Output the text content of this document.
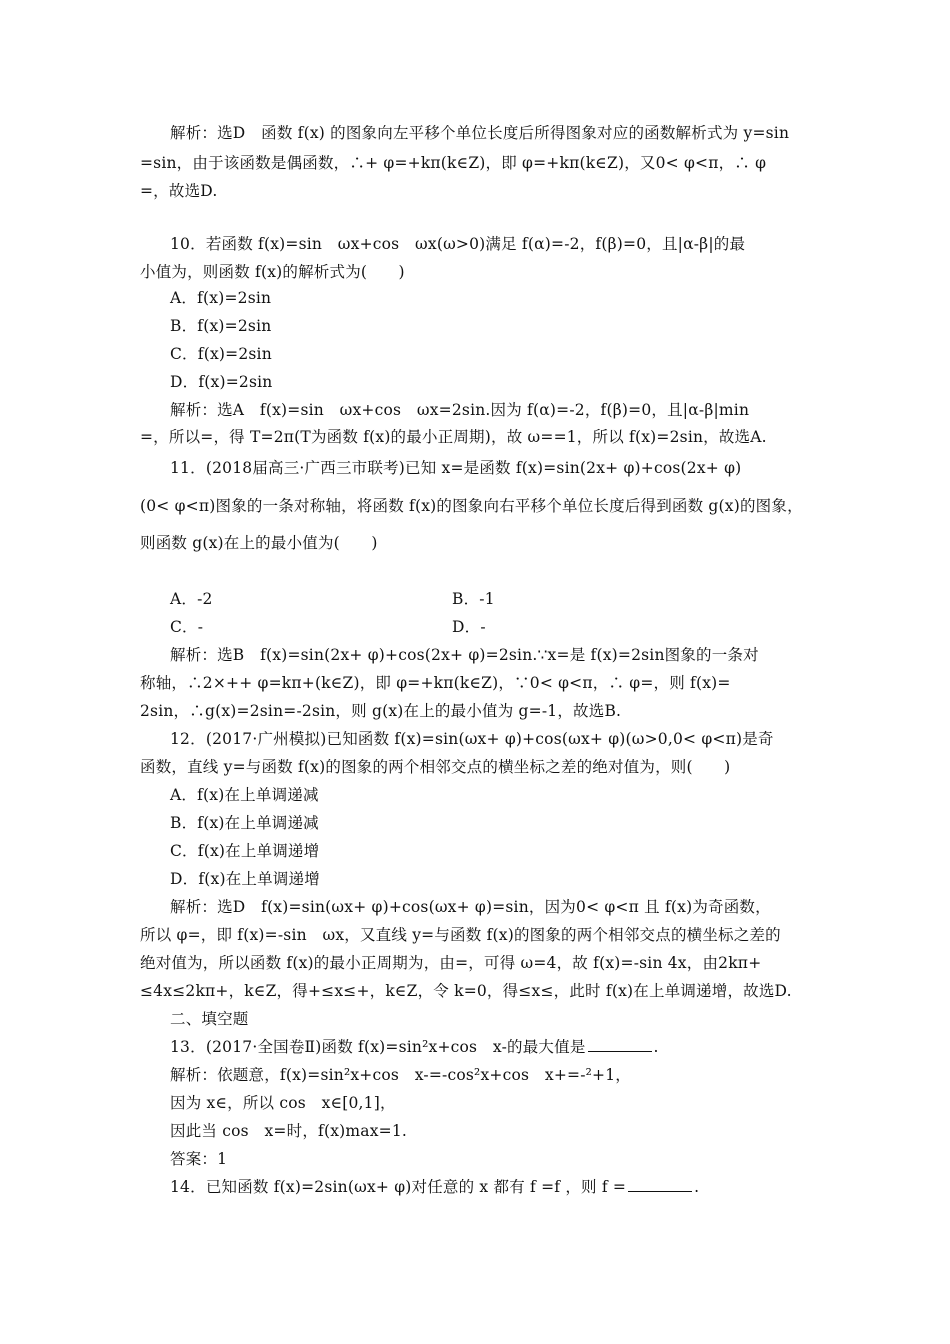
解析：选D　函数 f(x) 的图象向左平移个单位长度后所得图象对应的函数解析式为 y=sin
=sin，由于该函数是偶函数，∴+ φ=+kπ(k∈Z)，即 φ=+kπ(k∈Z)，又0< φ<π，∴ φ
=，故选D.
10．若函数 f(x)=sin　ωx+cos　ωx(ω>0)满足 f(α)=-2，f(β)=0，且|α-β|的最
小值为，则函数 f(x)的解析式为(　　)
A．f(x)=2sin
B．f(x)=2sin
C．f(x)=2sin
D．f(x)=2sin
解析：选A　f(x)=sin　ωx+cos　ωx=2sin.因为 f(α)=-2，f(β)=0，且|α-β|min
=，所以=，得 T=2π(T为函数 f(x)的最小正周期)，故 ω==1，所以 f(x)=2sin，故选A.
11．(2018届高三·广西三市联考)已知 x=是函数 f(x)=sin(2x+ φ)+cos(2x+ φ)
(0< φ<π)图象的一条对称轴，将函数 f(x)的图象向右平移个单位长度后得到函数 g(x)的图象，
则函数 g(x)在上的最小值为(　　)
A．-2	B．-1
C．-	D．-
解析：选B　f(x)=sin(2x+ φ)+cos(2x+ φ)=2sin.∵x=是 f(x)=2sin图象的一条对
称轴，∴2×++ φ=kπ+(k∈Z)，即 φ=+kπ(k∈Z)，∵0< φ<π，∴ φ=，则 f(x)=
2sin，∴g(x)=2sin=-2sin，则 g(x)在上的最小值为 g=-1，故选B.
12．(2017·广州模拟)已知函数 f(x)=sin(ωx+ φ)+cos(ωx+ φ)(ω>0,0< φ<π)是奇
函数，直线 y=与函数 f(x)的图象的两个相邻交点的横坐标之差的绝对值为，则(　　)
A．f(x)在上单调递减
B．f(x)在上单调递减
C．f(x)在上单调递增
D．f(x)在上单调递增
解析：选D　f(x)=sin(ωx+ φ)+cos(ωx+ φ)=sin，因为0< φ<π 且 f(x)为奇函数，
所以 φ=，即 f(x)=-sin　ωx，又直线 y=与函数 f(x)的图象的两个相邻交点的横坐标之差的
绝对值为，所以函数 f(x)的最小正周期为，由=，可得 ω=4，故 f(x)=-sin 4x，由2kπ+
≤4x≤2kπ+，k∈Z，得+≤x≤+，k∈Z，令 k=0，得≤x≤，此时 f(x)在上单调递增，故选D.
二、填空题
13．(2017·全国卷Ⅱ)函数 f(x)=sin²x+cos　x-的最大值是	.
解析：依题意，f(x)=sin²x+cos　x-=-cos²x+cos　x+=-²+1，
因为 x∈，所以 cos　x∈[0,1]，
因此当 cos　x=时，f(x)max=1.
答案：1
14．已知函数 f(x)=2sin(ωx+ φ)对任意的 x 都有 f =f ，则 f =	.
